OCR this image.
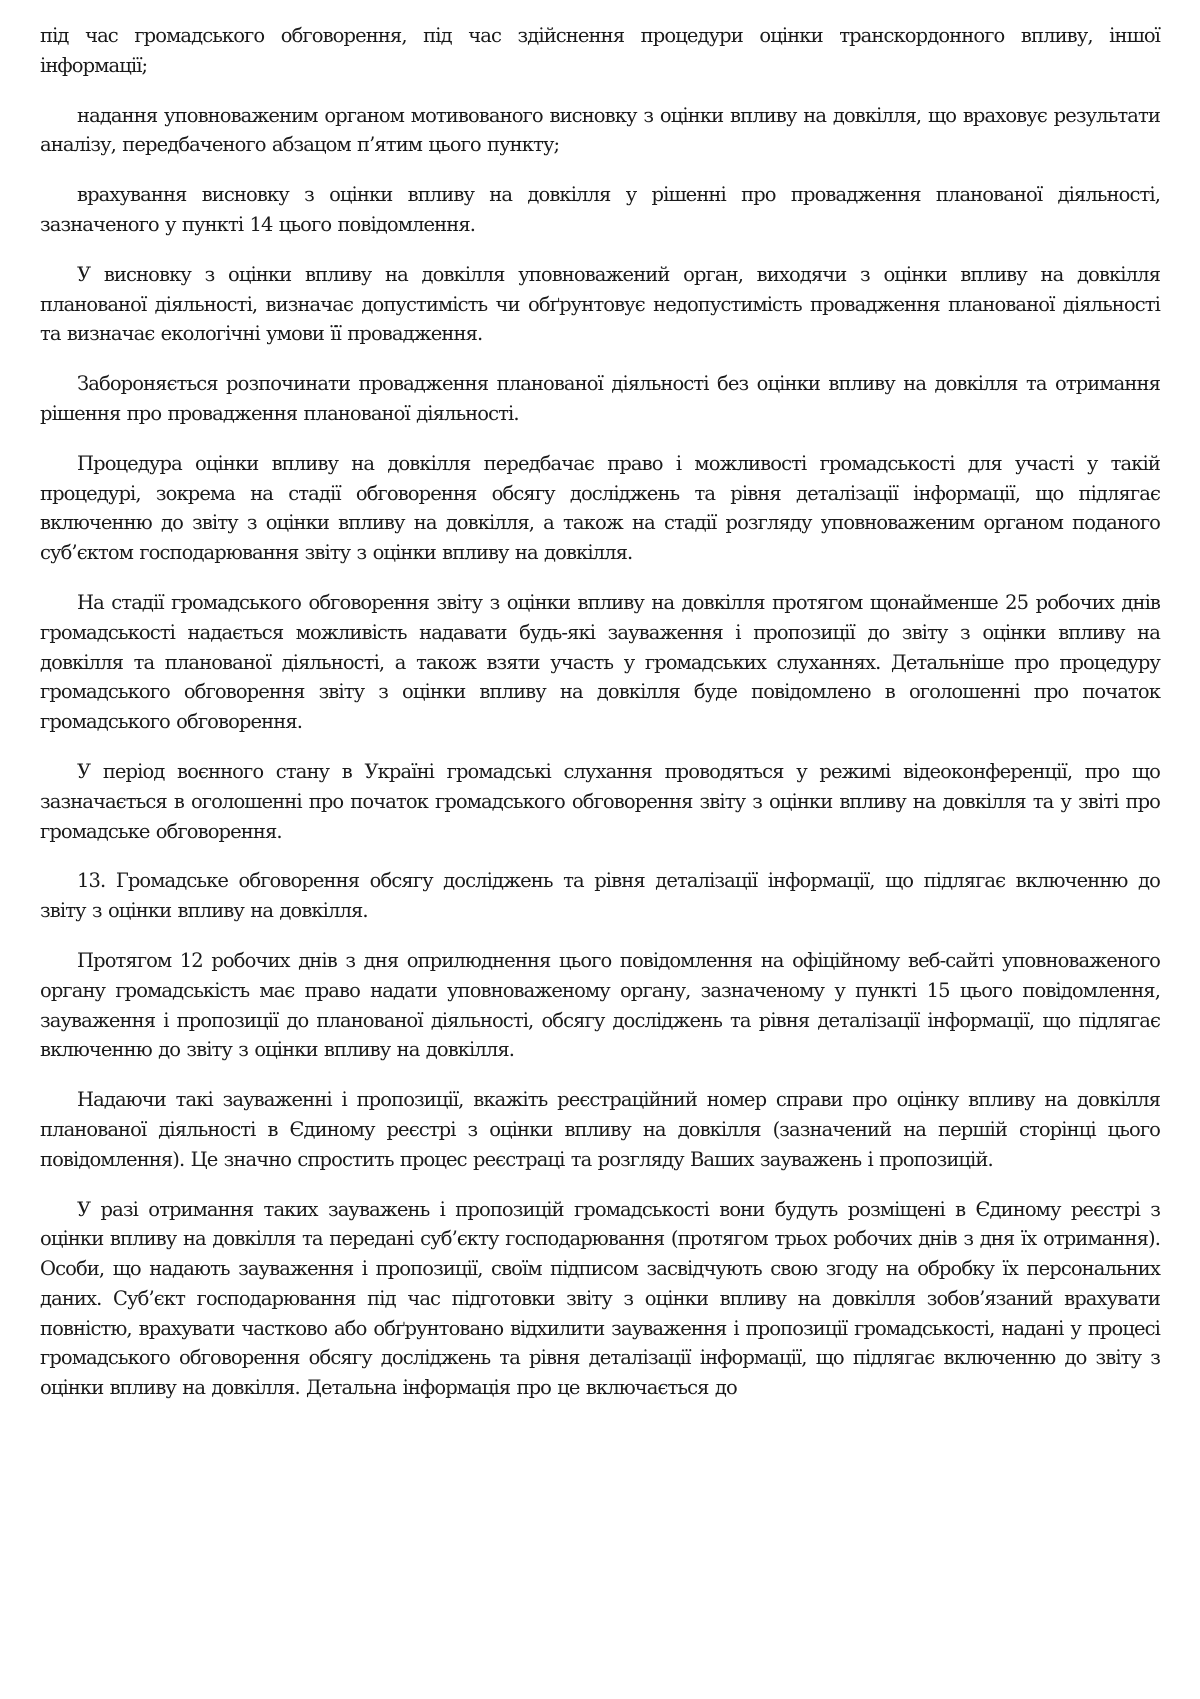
під час громадського обговорення, під час здійснення процедури оцінки транскордонного впливу, іншої інформації;

надання уповноваженим органом мотивованого висновку з оцінки впливу на довкілля, що враховує результати аналізу, передбаченого абзацом п’ятим цього пункту;

врахування висновку з оцінки впливу на довкілля у рішенні про провадження планованої діяльності, зазначеного у пункті 14 цього повідомлення.

У висновку з оцінки впливу на довкілля уповноважений орган, виходячи з оцінки впливу на довкілля планованої діяльності, визначає допустимість чи обґрунтовує недопустимість провадження планованої діяльності та визначає екологічні умови її провадження.

Забороняється розпочинати провадження планованої діяльності без оцінки впливу на довкілля та отримання рішення про провадження планованої діяльності.

Процедура оцінки впливу на довкілля передбачає право і можливості громадськості для участі у такій процедурі, зокрема на стадії обговорення обсягу досліджень та рівня деталізації інформації, що підлягає включенню до звіту з оцінки впливу на довкілля, а також на стадії розгляду уповноваженим органом поданого суб’єктом господарювання звіту з оцінки впливу на довкілля.

На стадії громадського обговорення звіту з оцінки впливу на довкілля протягом щонайменше 25 робочих днів громадськості надається можливість надавати будь-які зауваження і пропозиції до звіту з оцінки впливу на довкілля та планованої діяльності, а також взяти участь у громадських слуханнях. Детальніше про процедуру громадського обговорення звіту з оцінки впливу на довкілля буде повідомлено в оголошенні про початок громадського обговорення.

У період воєнного стану в Україні громадські слухання проводяться у режимі відеоконференції, про що зазначається в оголошенні про початок громадського обговорення звіту з оцінки впливу на довкілля та у звіті про громадське обговорення.

13. Громадське обговорення обсягу досліджень та рівня деталізації інформації, що підлягає включенню до звіту з оцінки впливу на довкілля.

Протягом 12 робочих днів з дня оприлюднення цього повідомлення на офіційному веб-сайті уповноваженого органу громадськість має право надати уповноваженому органу, зазначеному у пункті 15 цього повідомлення, зауваження і пропозиції до планованої діяльності, обсягу досліджень та рівня деталізації інформації, що підлягає включенню до звіту з оцінки впливу на довкілля.

Надаючи такі зауваженні і пропозиції, вкажіть реєстраційний номер справи про оцінку впливу на довкілля планованої діяльності в Єдиному реєстрі з оцінки впливу на довкілля (зазначений на першій сторінці цього повідомлення). Це значно спростить процес реєстраці та розгляду Ваших зауважень і пропозицій.

У разі отримання таких зауважень і пропозицій громадськості вони будуть розміщені в Єдиному реєстрі з оцінки впливу на довкілля та передані суб’єкту господарювання (протягом трьох робочих днів з дня їх отримання). Особи, що надають зауваження і пропозиції, своїм підписом засвідчують свою згоду на обробку їх персональних даних. Суб’єкт господарювання під час підготовки звіту з оцінки впливу на довкілля зобов’язаний врахувати повністю, врахувати частково або обґрунтовано відхилити зауваження і пропозиції громадськості, надані у процесі громадського обговорення обсягу досліджень та рівня деталізації інформації, що підлягає включенню до звіту з оцінки впливу на довкілля. Детальна інформація про це включається до
